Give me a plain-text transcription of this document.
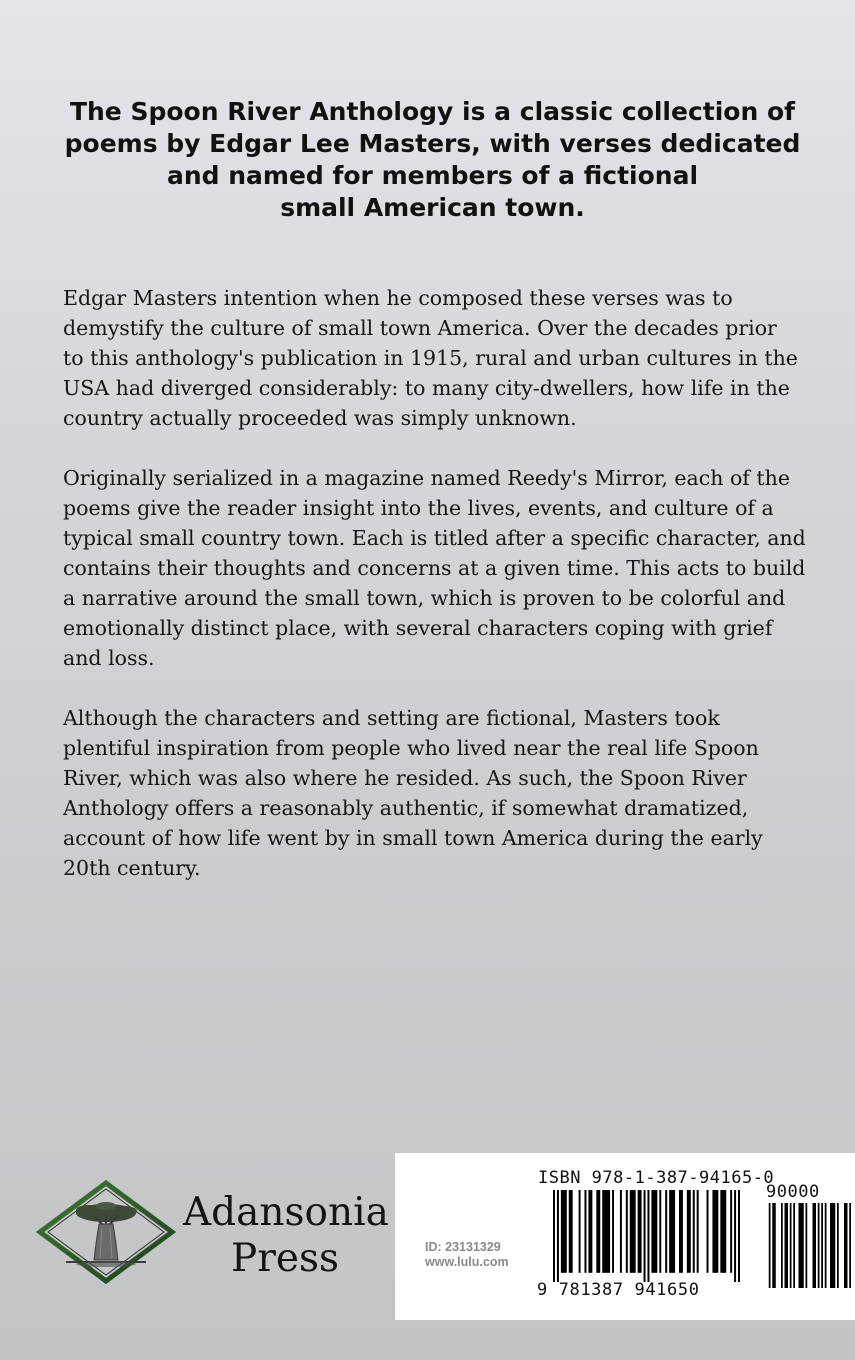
The Spoon River Anthology is a classic collection of
poems by Edgar Lee Masters, with verses dedicated
and named for members of a fictional
small American town.

Edgar Masters intention when he composed these verses was to
demystify the culture of small town America. Over the decades prior
to this anthology's publication in 1915, rural and urban cultures in the
USA had diverged considerably: to many city-dwellers, how life in the
country actually proceeded was simply unknown.

Originally serialized in a magazine named Reedy's Mirror, each of the
poems give the reader insight into the lives, events, and culture of a
typical small country town. Each is titled after a specific character, and
contains their thoughts and concerns at a given time. This acts to build
a narrative around the small town, which is proven to be colorful and
emotionally distinct place, with several characters coping with grief
and loss.

Although the characters and setting are fictional, Masters took
plentiful inspiration from people who lived near the real life Spoon
River, which was also where he resided. As such, the Spoon River
Anthology offers a reasonably authentic, if somewhat dramatized,
account of how life went by in small town America during the early
20th century.

Adansonia
Press
ISBN 978-1-387-94165-0
90000
ID: 23131329
www.lulu.com
9 781387 941650
